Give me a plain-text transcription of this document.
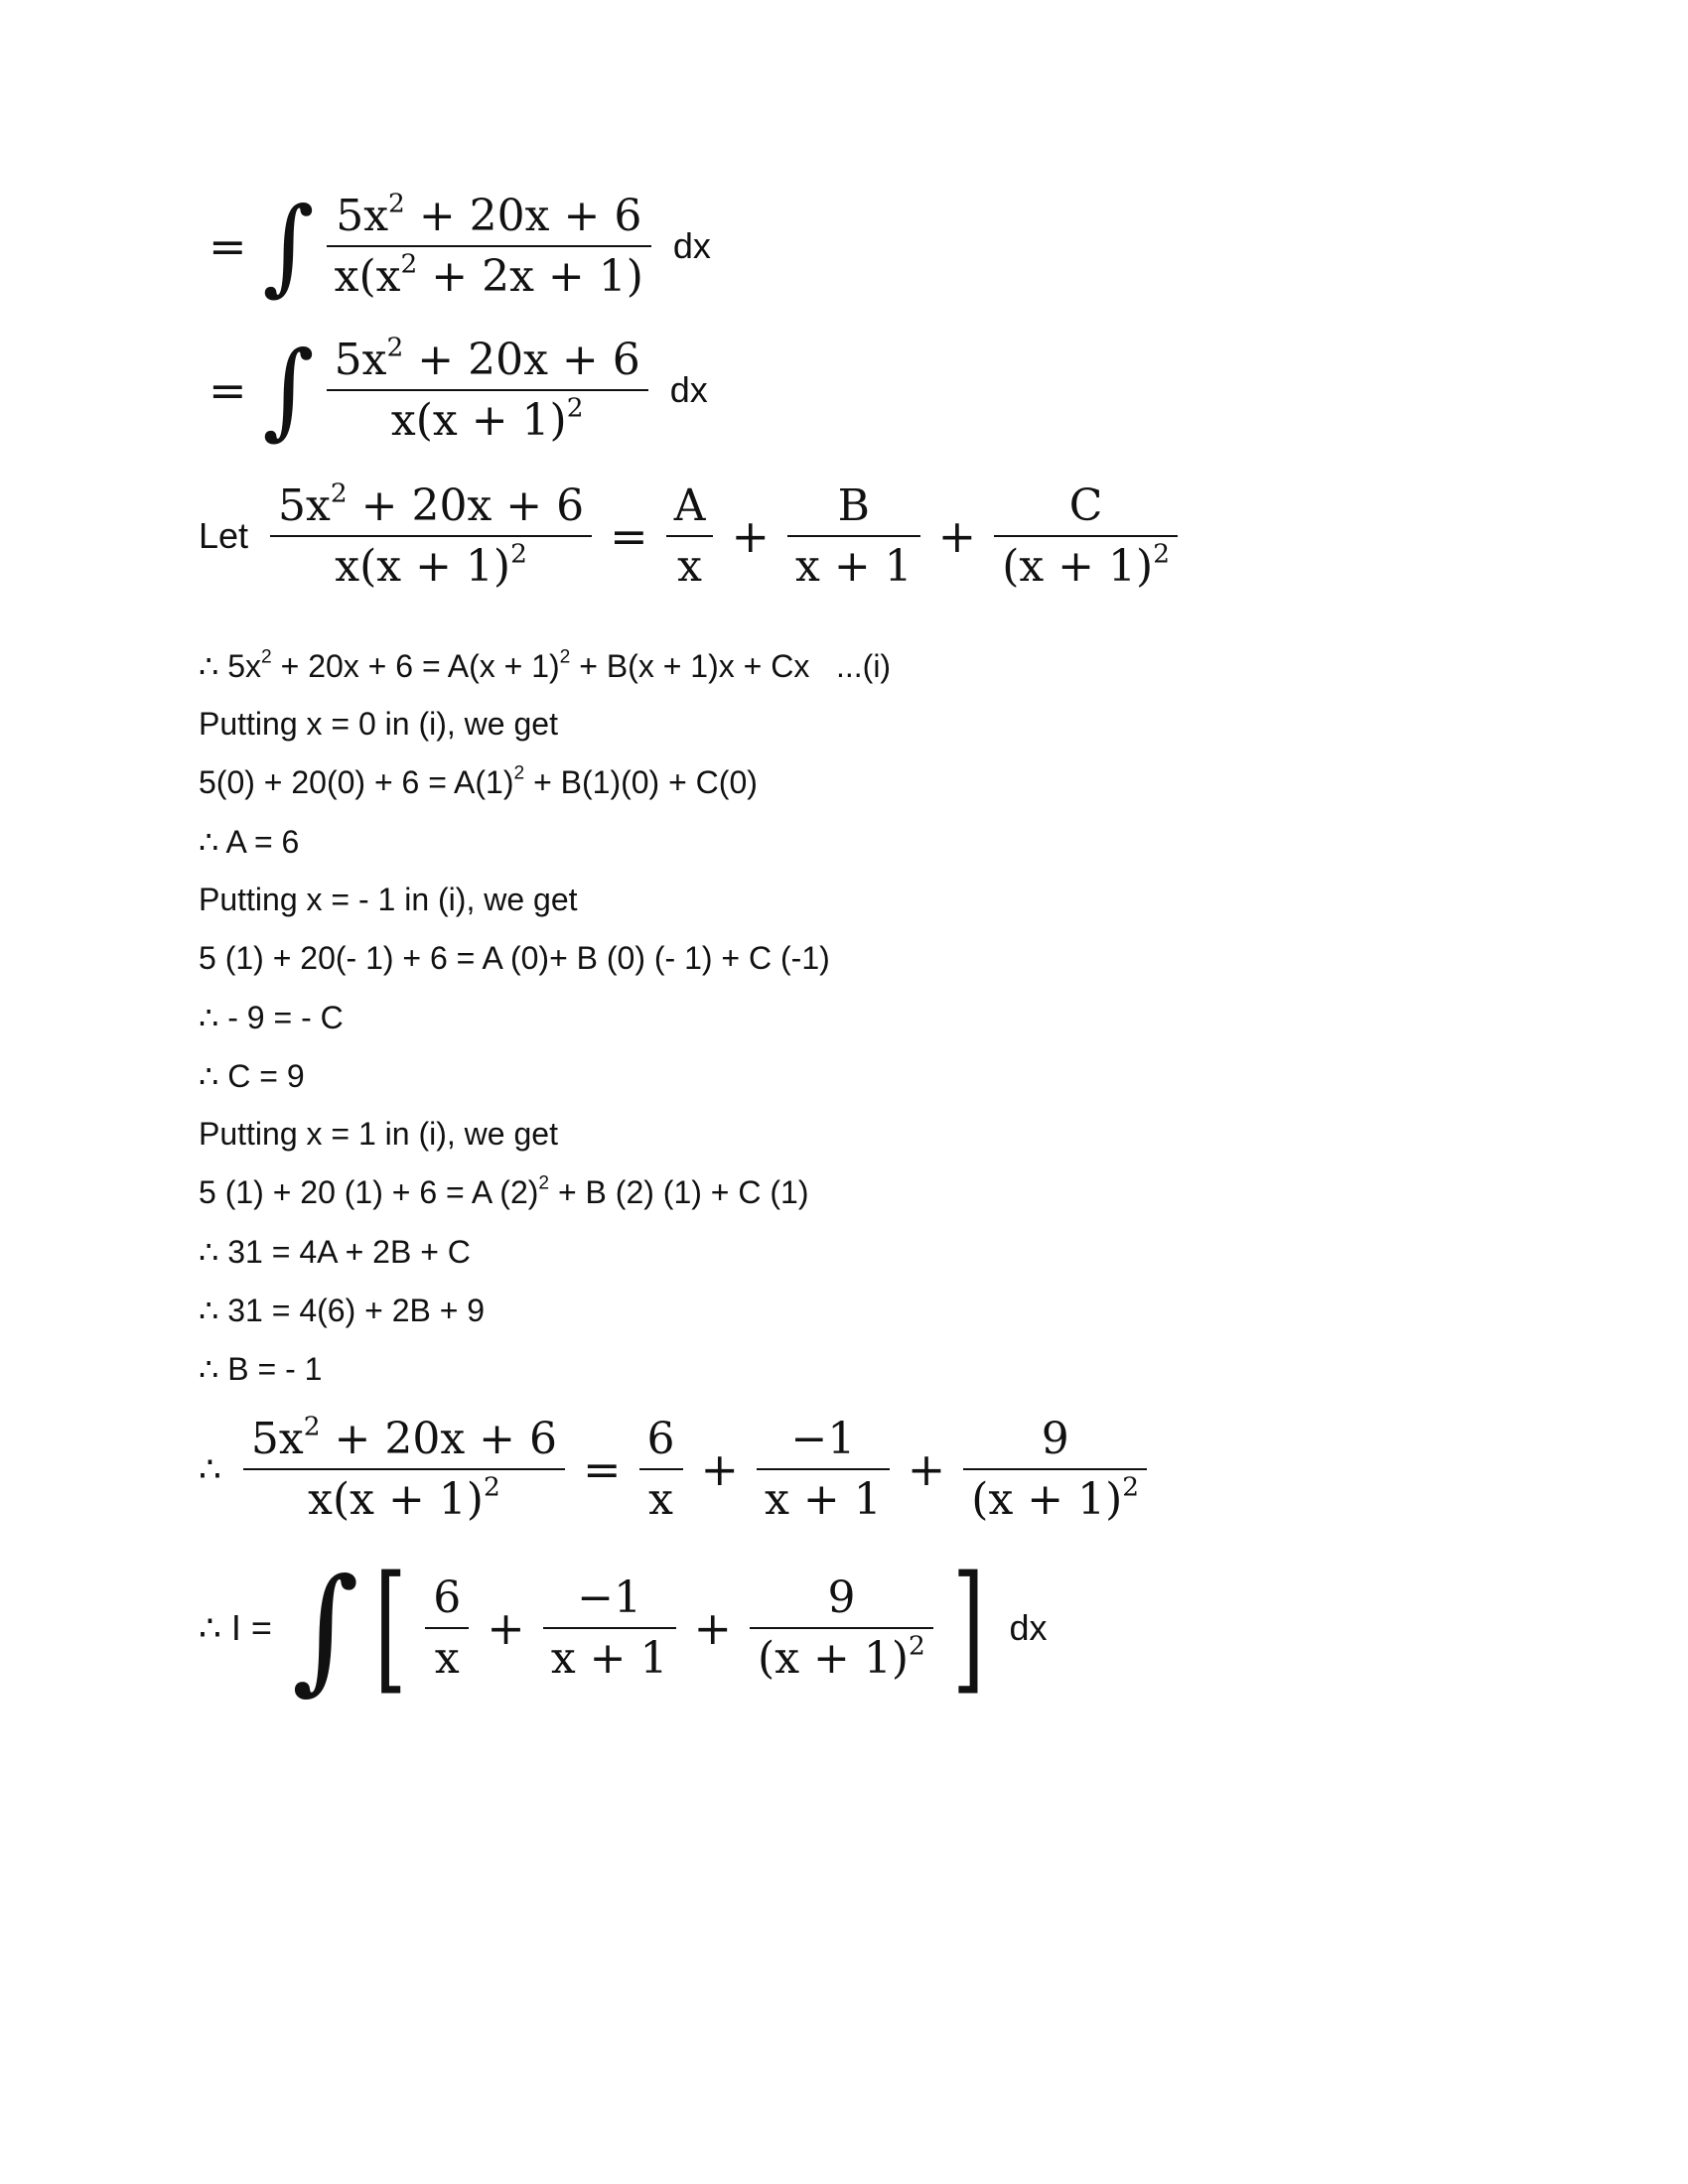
= ∫ $\frac{5x^2 + 20x + 6}{x(x^2 + 2x + 1)}$ dx
= ∫ $\frac{5x^2 + 20x + 6}{x(x + 1)^2}$ dx
Let $\frac{5x^2 + 20x + 6}{x(x + 1)^2} = \frac{A}{x} + \frac{B}{x + 1} + \frac{C}{(x + 1)^2}$
∴ $5x^2 + 20x + 6 = A(x + 1)^2 + B(x + 1)x + Cx$   ...(i)
Putting x = 0 in (i), we get
$5(0) + 20(0) + 6 = A(1)^2 + B(1)(0) + C(0)$
∴ A = 6
Putting x = - 1 in (i), we get
5 (1) + 20(- 1) + 6 = A (0)+ B (0) (- 1) + C (-1)
∴ - 9 = - C
∴ C = 9
Putting x = 1 in (i), we get
5 (1) + 20 (1) + 6 = A $(2)^2 + B$ (2) (1) + C (1)
∴ 31 = 4A + 2B + C
∴ 31 = 4(6) + 2B + 9
∴ B = - 1
∴ $\frac{5x^2 + 20x + 6}{x(x + 1)^2} = \frac{6}{x} + \frac{-1}{x + 1} + \frac{9}{(x + 1)^2}$
∴ I = ∫ [ $\frac{6}{x} + \frac{-1}{x + 1} + \frac{9}{(x + 1)^2}$ ] dx
